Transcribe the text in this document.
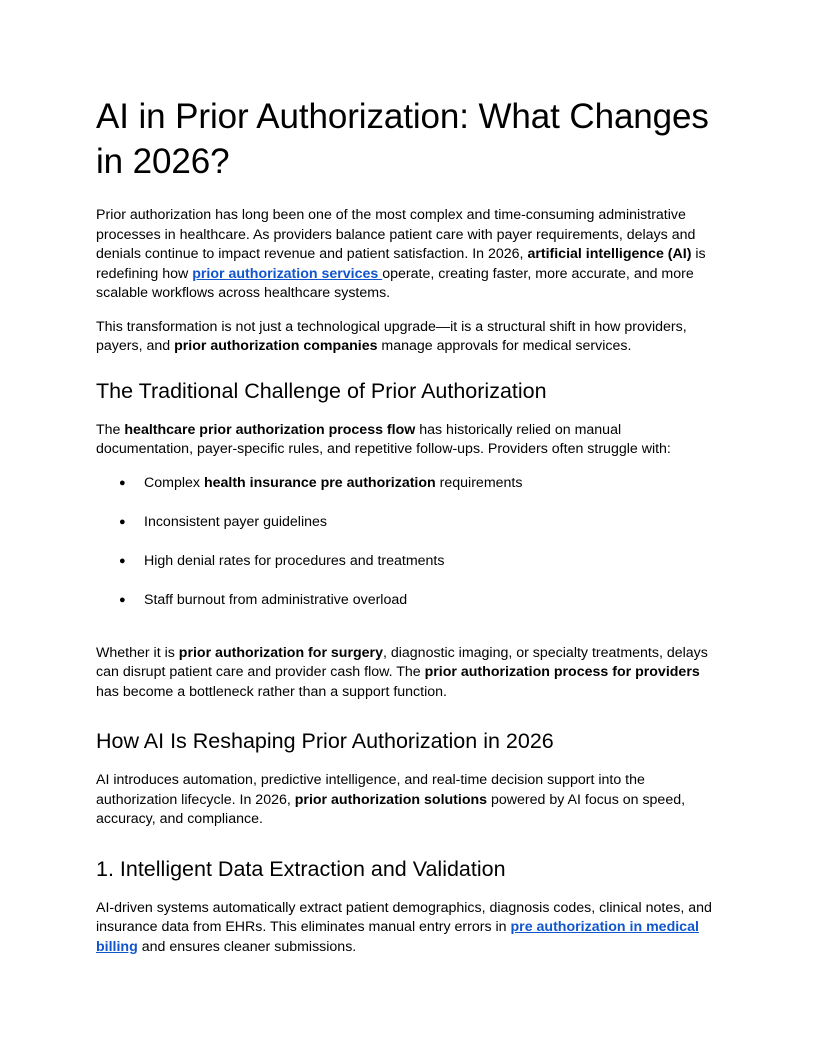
AI in Prior Authorization: What Changes in 2026?

Prior authorization has long been one of the most complex and time-consuming administrative processes in healthcare. As providers balance patient care with payer requirements, delays and denials continue to impact revenue and patient satisfaction. In 2026, artificial intelligence (AI) is redefining how prior authorization services operate, creating faster, more accurate, and more scalable workflows across healthcare systems.

This transformation is not just a technological upgrade—it is a structural shift in how providers, payers, and prior authorization companies manage approvals for medical services.

The Traditional Challenge of Prior Authorization

The healthcare prior authorization process flow has historically relied on manual documentation, payer-specific rules, and repetitive follow-ups. Providers often struggle with:

● Complex health insurance pre authorization requirements
● Inconsistent payer guidelines
● High denial rates for procedures and treatments
● Staff burnout from administrative overload

Whether it is prior authorization for surgery, diagnostic imaging, or specialty treatments, delays can disrupt patient care and provider cash flow. The prior authorization process for providers has become a bottleneck rather than a support function.

How AI Is Reshaping Prior Authorization in 2026

AI introduces automation, predictive intelligence, and real-time decision support into the authorization lifecycle. In 2026, prior authorization solutions powered by AI focus on speed, accuracy, and compliance.

1. Intelligent Data Extraction and Validation

AI-driven systems automatically extract patient demographics, diagnosis codes, clinical notes, and insurance data from EHRs. This eliminates manual entry errors in pre authorization in medical billing and ensures cleaner submissions.
